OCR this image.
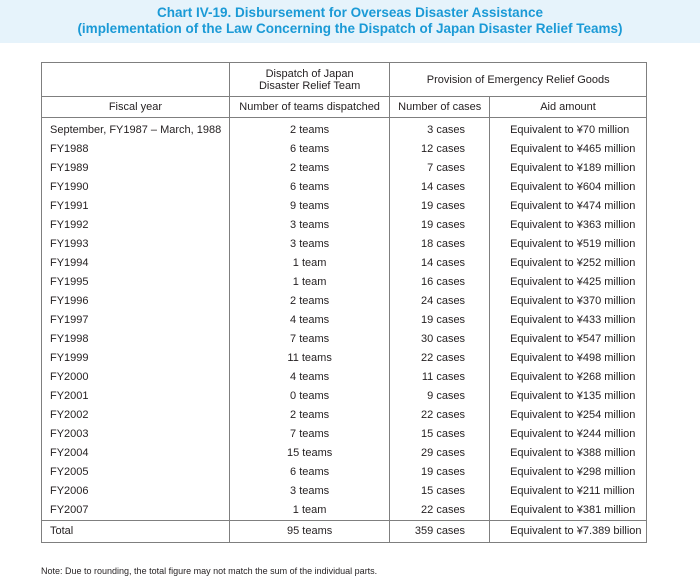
Chart IV-19. Disbursement for Overseas Disaster Assistance
(implementation of the Law Concerning the Dispatch of Japan Disaster Relief Teams)
	Dispatch of Japan Disaster Relief Team	Provision of Emergency Relief Goods	
Fiscal year	Number of teams dispatched	Number of cases	Aid amount
September, FY1987 – March, 1988	2 teams	3 cases	Equivalent to ¥70 million
FY1988	6 teams	12 cases	Equivalent to ¥465 million
FY1989	2 teams	7 cases	Equivalent to ¥189 million
FY1990	6 teams	14 cases	Equivalent to ¥604 million
FY1991	9 teams	19 cases	Equivalent to ¥474 million
FY1992	3 teams	19 cases	Equivalent to ¥363 million
FY1993	3 teams	18 cases	Equivalent to ¥519 million
FY1994	1 team	14 cases	Equivalent to ¥252 million
FY1995	1 team	16 cases	Equivalent to ¥425 million
FY1996	2 teams	24 cases	Equivalent to ¥370 million
FY1997	4 teams	19 cases	Equivalent to ¥433 million
FY1998	7 teams	30 cases	Equivalent to ¥547 million
FY1999	11 teams	22 cases	Equivalent to ¥498 million
FY2000	4 teams	11 cases	Equivalent to ¥268 million
FY2001	0 teams	9 cases	Equivalent to ¥135 million
FY2002	2 teams	22 cases	Equivalent to ¥254 million
FY2003	7 teams	15 cases	Equivalent to ¥244 million
FY2004	15 teams	29 cases	Equivalent to ¥388 million
FY2005	6 teams	19 cases	Equivalent to ¥298 million
FY2006	3 teams	15 cases	Equivalent to ¥211 million
FY2007	1 team	22 cases	Equivalent to ¥381 million
Total	95 teams	359 cases	Equivalent to ¥7.389 billion
Note: Due to rounding, the total figure may not match the sum of the individual parts.
